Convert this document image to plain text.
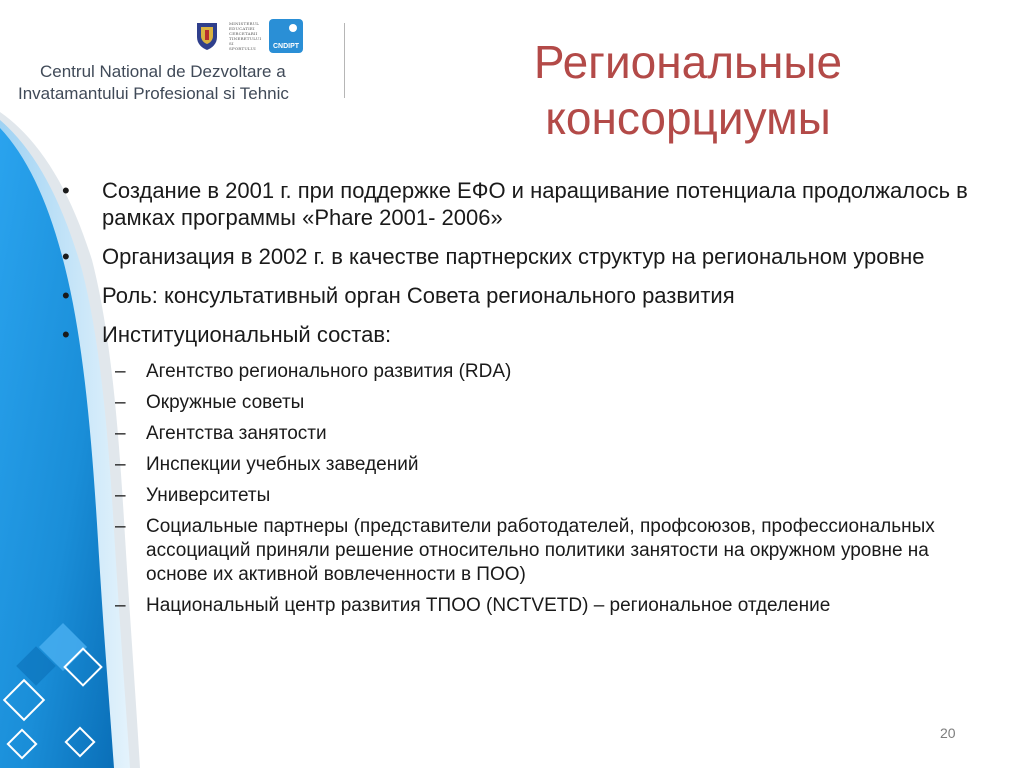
MINISTERUL
EDUCATIEI
CERCETARII
TINERETULUI
SI SPORTULUI	CNDIPT
Centrul National de Dezvoltare a
Invatamantului Profesional si Tehnic
Региональные
консорциумы
• Создание в 2001 г. при поддержке ЕФО и наращивание потенциала продолжалось в рамках программы «Phare 2001- 2006»
• Организация в 2002 г. в качестве партнерских структур на региональном уровне
• Роль: консультативный орган Совета регионального развития
• Институциональный состав:
– Агентство регионального развития (RDA)
– Окружные советы
– Агентства занятости
– Инспекции учебных заведений
– Университеты
– Социальные партнеры (представители работодателей, профсоюзов, профессиональных ассоциаций приняли решение относительно политики занятости на окружном уровне на основе их активной вовлеченности в ПОО)
– Национальный центр развития ТПОО (NCTVETD) – региональное отделение
20
